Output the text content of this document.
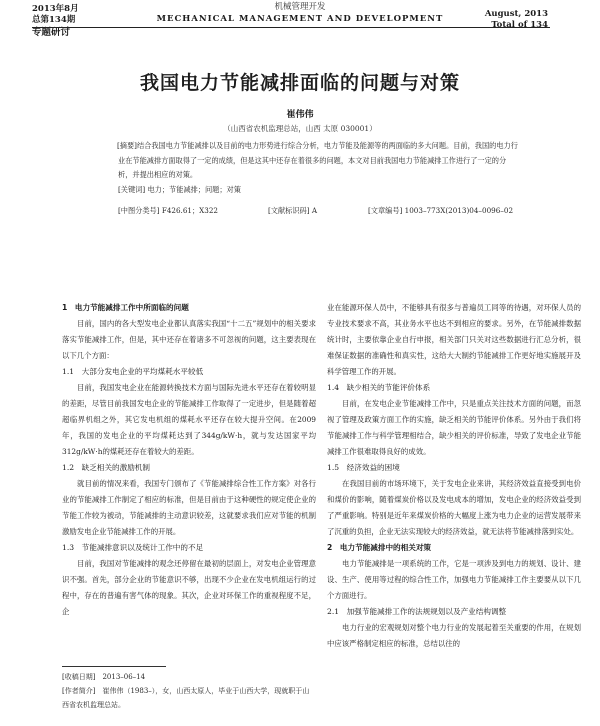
2013年8月
总第134期
专题研讨
机械管理开发
MECHANICAL MANAGEMENT AND DEVELOPMENT	August, 2013
Total of 134
我国电力节能减排面临的问题与对策
崔伟伟
（山西省农机监理总站，山西 太原 030001）
[摘要]结合我国电力节能减排以及目前的电力形势进行综合分析，电力节能及能源等的两面临的多大问题。目前，我国的电力行业在节能减排方面取得了一定的成绩，但是这其中还存在着很多的问题，本文对目前我国电力节能减排工作进行了一定的分析，并提出相应的对策。
[关键词] 电力；节能减排；问题；对策
[中图分类号] F426.61；X322	[文献标识码] A	[文章编号] 1003–773X(2013)04–0096–02

1　电力节能减排工作中所面临的问题

目前，国内的各大型发电企业都认真落实我国“十二五”规划中的相关要求落实节能减排工作，但是，其中还存在着诸多不可忽视的问题，这主要表现在以下几个方面：

1.1　大部分发电企业的平均煤耗水平较低

目前，我国发电企业在能源转换技术方面与国际先进水平还存在着较明显的差距，尽管目前我国发电企业的节能减排工作取得了一定进步，但是随着超超临界机组之外，其它发电机组的煤耗水平还存在较大提升空间。在2009年，我国的发电企业的平均煤耗达到了344g/kW·h，就与发达国家平均312g/kW·h的煤耗还存在着较大的差距。

1.2　缺乏相关的激励机制

就目前的情况来看，我国专门颁布了《节能减排综合性工作方案》对各行业的节能减排工作制定了相应的标准，但是目前由于这种硬性的规定使企业的节能工作较为被动，节能减排的主动意识较差，这就要求我们应对节能的机制激励发电企业节能减排工作的开展。

1.3　节能减排意识以及统计工作中的不足

目前，我国对节能减排的观念还停留在最初的层面上，对发电企业管理意识不强。首先，部分企业的节能意识不够，出现不少企业在发电机组运行的过程中，存在的普遍有害气体的现象。其次，企业对环保工作的重视程度不足，企

业在能源环保人员中，不能够具有很多与普遍员工同等的待遇，对环保人员的专业技术要求不高，其业务水平也达不到相应的要求。另外，在节能减排数据统计时，主要依靠企业自行申报，相关部门只关对这些数据进行汇总分析，很难保证数据的准确性和真实性，这给大大制约节能减排工作更好地实施展开及科学管理工作的开展。

1.4　缺少相关的节能评价体系

目前，在发电企业节能减排工作中，只是重点关注技术方面的问题，而忽视了管理及政策方面工作的实施，缺乏相关的节能评价体系。另外由于我们将节能减排工作与科学管理相结合，缺少相关的评价标准，导致了发电企业节能减排工作很难取得良好的成效。

1.5　经济效益的困境

在我国目前的市场环境下，关于发电企业来讲，其经济效益直接受到电价和煤价的影响，随着煤炭价格以及发电成本的增加，发电企业的经济效益受到了严重影响。特别是近年来煤炭价格的大幅度上涨为电力企业的运营发展带来了沉重的负担，企业无法实现较大的经济效益，就无法将节能减排落到实处。

2　电力节能减排中的相关对策

电力节能减排是一项系统的工作，它是一项涉及到电力的规划、设计、建设、生产、使用等过程的综合性工作，加强电力节能减排工作主要要从以下几个方面进行。

2.1　加强节能减排工作的法规规划以及产业结构调整

电力行业的宏观规划对整个电力行业的发展起着至关重要的作用，在规划中应该严格制定相应的标准，总结以往的

[收稿日期]　2013–06–14
[作者简介]　崔伟伟（1983–），女，山西太原人，毕业于山西大学，现就职于山西省农机监理总站。
